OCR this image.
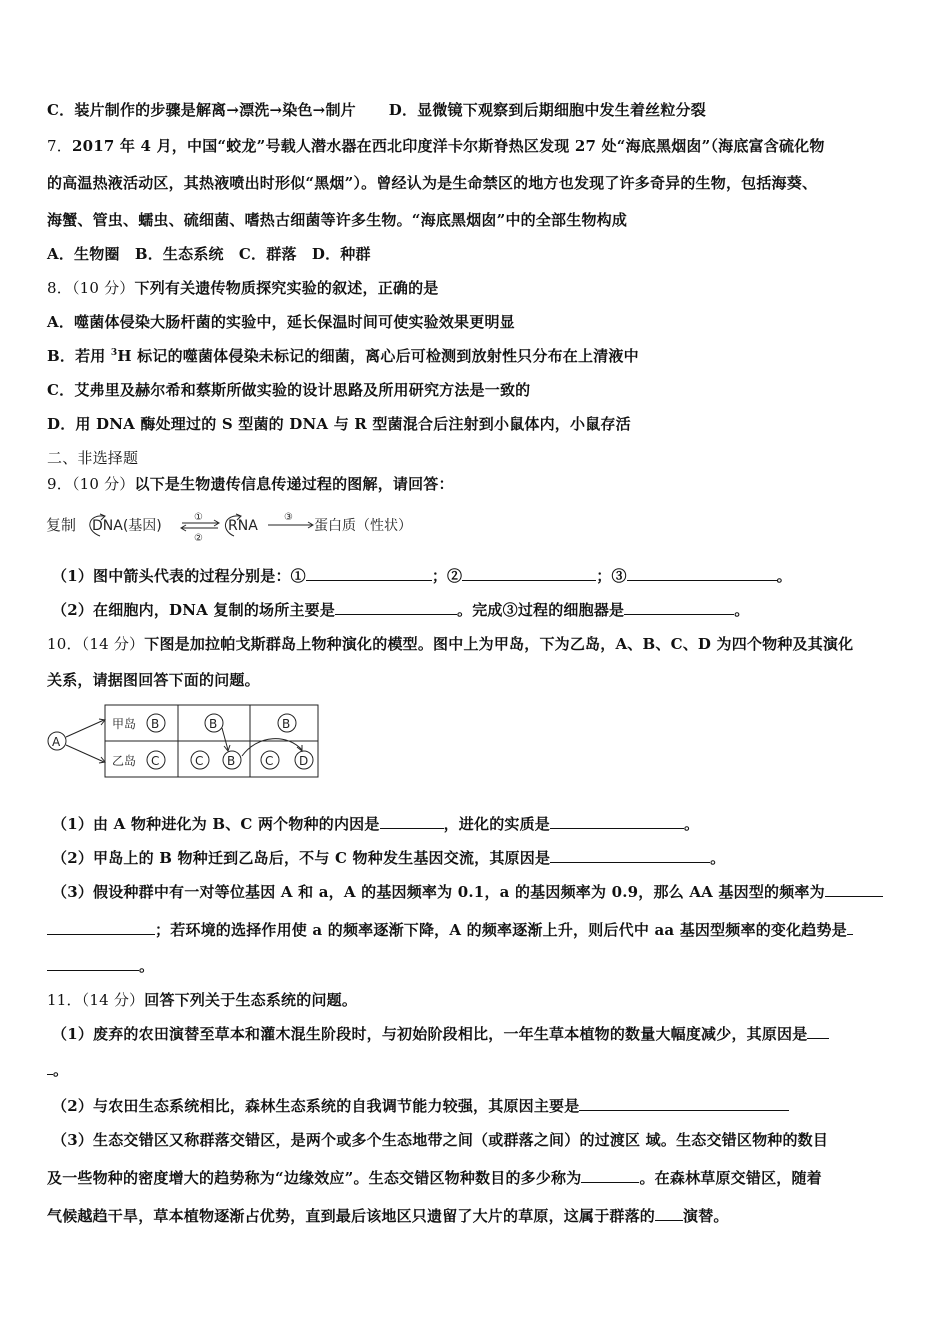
C．装片制作的步骤是解离→漂洗→染色→制片 D．显微镜下观察到后期细胞中发生着丝粒分裂
7．2017 年 4 月，中国“蛟龙”号载人潜水器在西北印度洋卡尔斯脊热区发现 27 处“海底黑烟囱”（海底富含硫化物
的高温热液活动区，其热液喷出时形似“黑烟”）。曾经认为是生命禁区的地方也发现了许多奇异的生物，包括海葵、
海蟹、管虫、蠕虫、硫细菌、嗜热古细菌等许多生物。“海底黑烟囱”中的全部生物构成
A．生物圈　B．生态系统　C．群落　D．种群
8．（10 分）下列有关遗传物质探究实验的叙述，正确的是
A．噬菌体侵染大肠杆菌的实验中，延长保温时间可使实验效果更明显
B．若用 $^3$H 标记的噬菌体侵染未标记的细菌，离心后可检测到放射性只分布在上清液中
C．艾弗里及赫尔希和蔡斯所做实验的设计思路及所用研究方法是一致的
D．用 DNA 酶处理过的 S 型菌的 DNA 与 R 型菌混合后注射到小鼠体内，小鼠存活
二、非选择题
9．（10 分）以下是生物遗传信息传递过程的图解，请回答：
复制 DNA(基因)
①
②
RNA
③
蛋白质（性状）
（1）图中箭头代表的过程分别是：①	；②	；③	。
（2）在细胞内，DNA 复制的场所主要是	。完成③过程的细胞器是	。
10．（14 分）下图是加拉帕戈斯群岛上物种演化的模型。图中上为甲岛，下为乙岛，A、B、C、D 为四个物种及其演化
关系，请据图回答下面的问题。
A
甲岛
乙岛
B
C
B
C B
B
C D
（1）由 A 物种进化为 B、C 两个物种的内因是	，进化的实质是	。
（2）甲岛上的 B 物种迁到乙岛后，不与 C 物种发生基因交流，其原因是	。
（3）假设种群中有一对等位基因 A 和 a，A 的基因频率为 0.1，a 的基因频率为 0.9，那么 AA 基因型的频率为
；若环境的选择作用使 a 的频率逐渐下降，A 的频率逐渐上升，则后代中 aa 基因型频率的变化趋势是
。
11．（14 分）回答下列关于生态系统的问题。
（1）废弃的农田演替至草本和灌木混生阶段时，与初始阶段相比，一年生草本植物的数量大幅度减少，其原因是
。
（2）与农田生态系统相比，森林生态系统的自我调节能力较强，其原因主要是
（3）生态交错区又称群落交错区，是两个或多个生态地带之间（或群落之间）的过渡区 域。生态交错区物种的数目
及一些物种的密度增大的趋势称为“边缘效应”。生态交错区物种数目的多少称为	。在森林草原交错区，随着
气候越趋干旱，草本植物逐渐占优势，直到最后该地区只遗留了大片的草原，这属于群落的 演替。
